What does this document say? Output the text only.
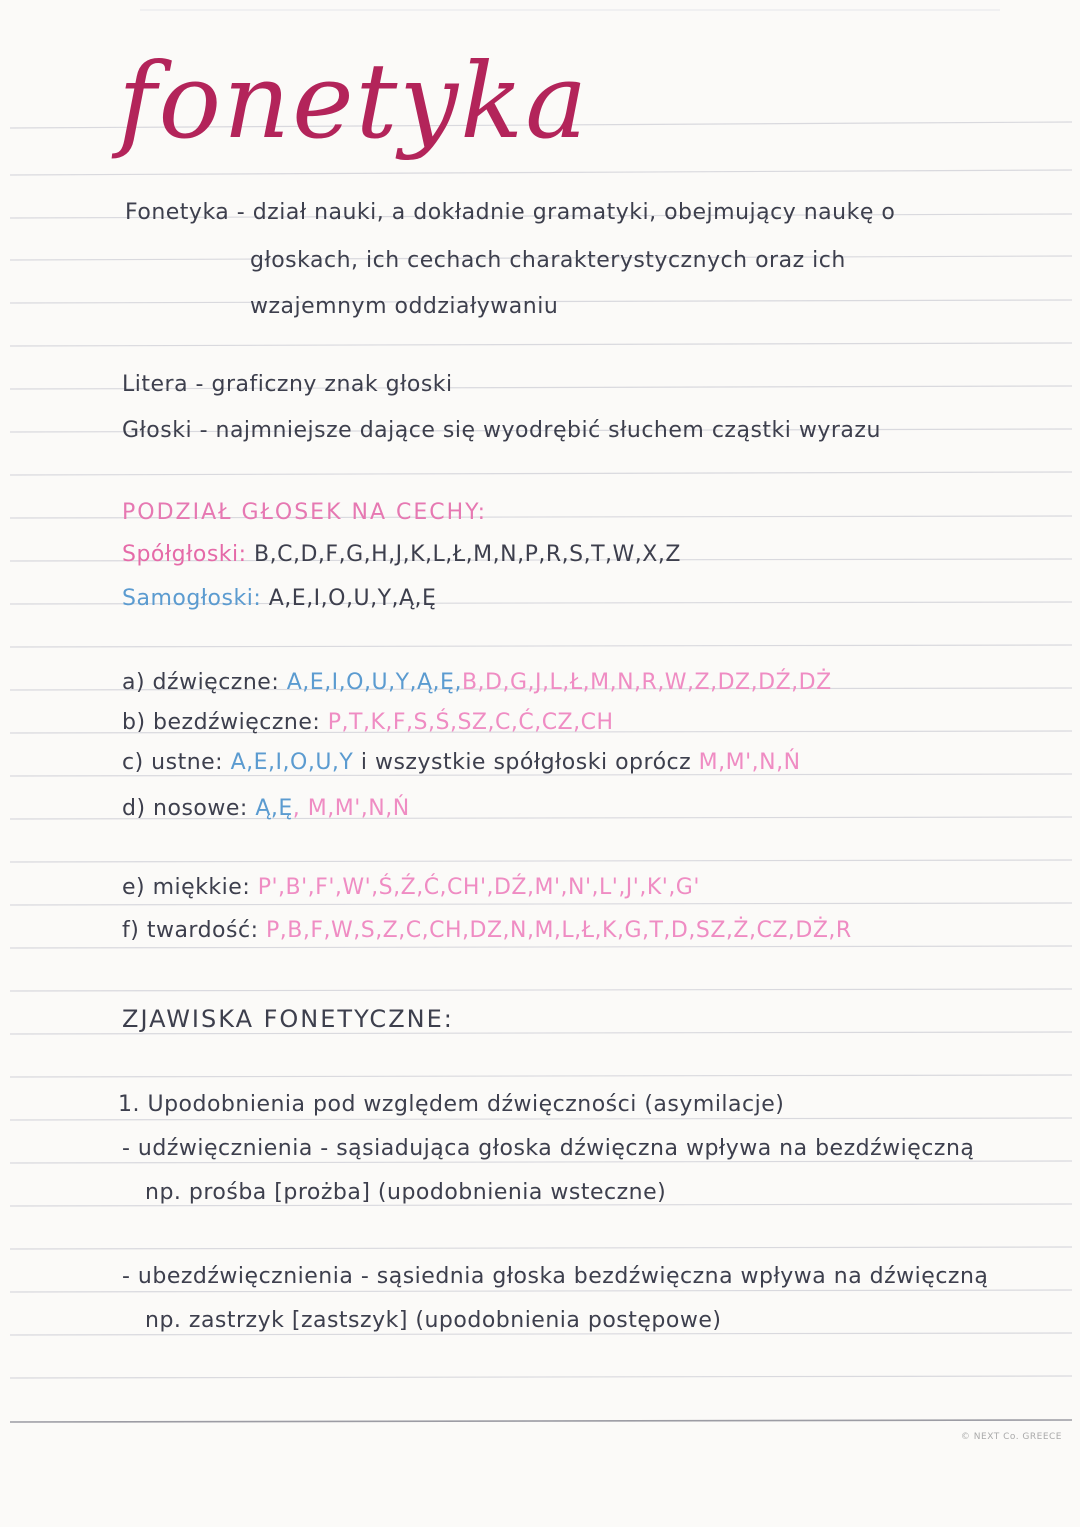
fonetyka
Fonetyka - dział nauki, a dokładnie gramatyki, obejmujący naukę o
głoskach, ich cechach charakterystycznych oraz ich
wzajemnym oddziaływaniu
Litera - graficzny znak głoski
Głoski - najmniejsze dające się wyodrębić słuchem cząstki wyrazu
PODZIAŁ GŁOSEK NA CECHY:
Spółgłoski: B,C,D,F,G,H,J,K,L,Ł,M,N,P,R,S,T,W,X,Z
Samogłoski: A,E,I,O,U,Y,Ą,Ę
a) dźwięczne: A,E,I,O,U,Y,Ą,Ę,B,D,G,J,L,Ł,M,N,R,W,Z,DZ,DŹ,DŻ
b) bezdźwięczne: P,T,K,F,S,Ś,SZ,C,Ć,CZ,CH
c) ustne: A,E,I,O,U,Y i wszystkie spółgłoski oprócz M,M',N,Ń
d) nosowe: Ą,Ę, M,M',N,Ń
e) miękkie: P',B',F',W',Ś,Ź,Ć,CH',DŹ,M',N',L',J',K',G'
f) twardość: P,B,F,W,S,Z,C,CH,DZ,N,M,L,Ł,K,G,T,D,SZ,Ż,CZ,DŻ,R
ZJAWISKA FONETYCZNE:
1. Upodobnienia pod względem dźwięczności (asymilacje)
- udźwięcznienia - sąsiadująca głoska dźwięczna wpływa na bezdźwięczną
np. prośba [prożba] (upodobnienia wsteczne)
- ubezdźwięcznienia - sąsiednia głoska bezdźwięczna wpływa na dźwięczną
np. zastrzyk [zastszyk] (upodobnienia postępowe)
© NEXT Co. GREECE
